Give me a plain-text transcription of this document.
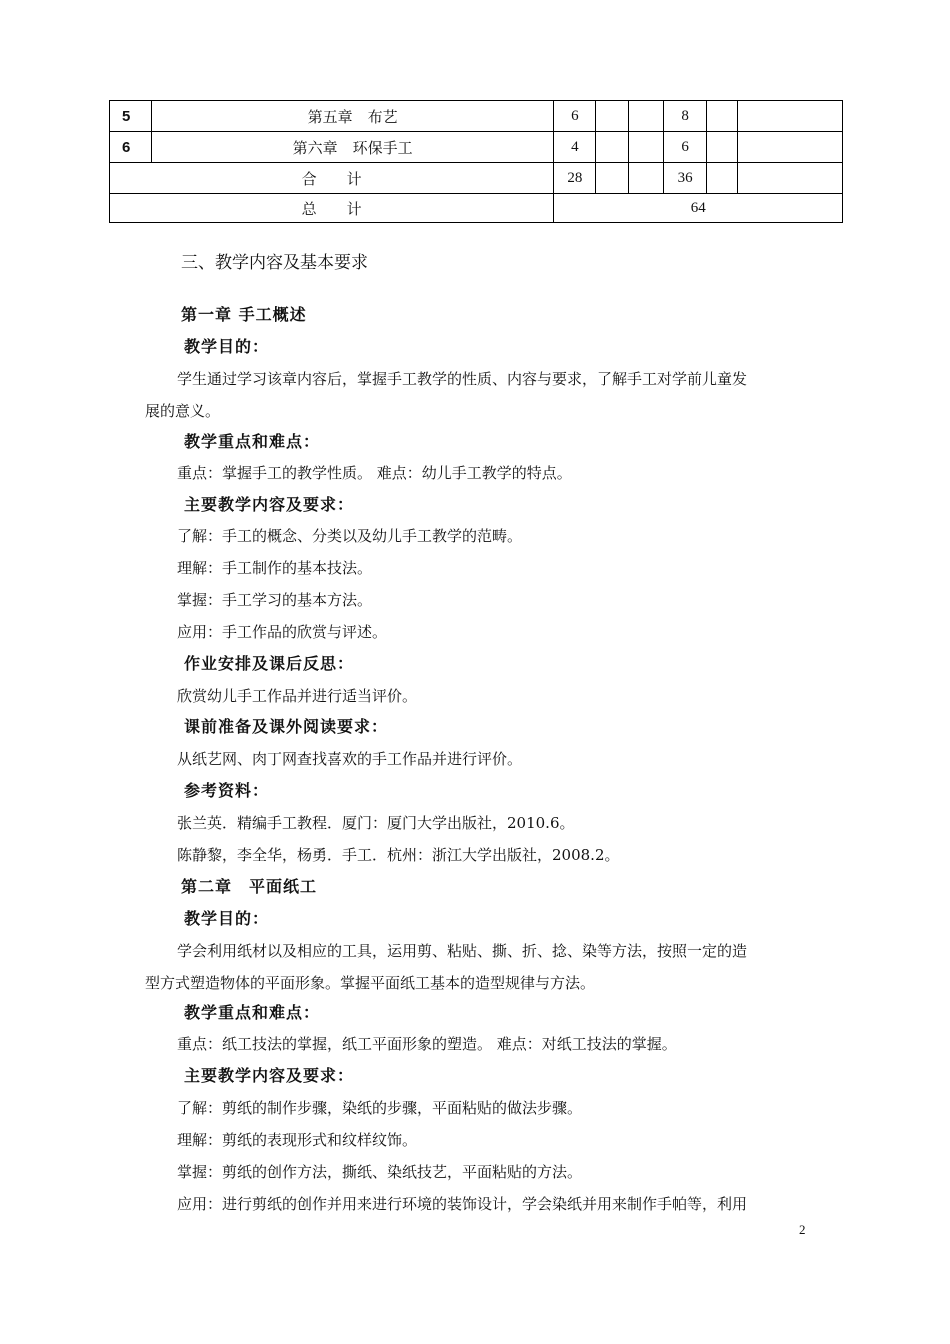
5	第五章　布艺	6			8		
6	第六章　环保手工	4			6		
合　　计		28			36		
总　　计		64					
三、教学内容及基本要求
第一章 手工概述
教学目的：
学生通过学习该章内容后，掌握手工教学的性质、内容与要求，了解手工对学前儿童发
展的意义。
教学重点和难点：
重点：掌握手工的教学性质。 难点：幼儿手工教学的特点。
主要教学内容及要求：
了解：手工的概念、分类以及幼儿手工教学的范畴。
理解：手工制作的基本技法。
掌握：手工学习的基本方法。
应用：手工作品的欣赏与评述。
作业安排及课后反思：
欣赏幼儿手工作品并进行适当评价。
课前准备及课外阅读要求：
从纸艺网、肉丁网查找喜欢的手工作品并进行评价。
参考资料：
张兰英．精编手工教程．厦门：厦门大学出版社，2010.6。
陈静黎，李全华，杨勇．手工．杭州：浙江大学出版社，2008.2。
第二章　平面纸工
教学目的：
学会利用纸材以及相应的工具，运用剪、粘贴、撕、折、捻、染等方法，按照一定的造
型方式塑造物体的平面形象。掌握平面纸工基本的造型规律与方法。
教学重点和难点：
重点：纸工技法的掌握，纸工平面形象的塑造。 难点：对纸工技法的掌握。
主要教学内容及要求：
了解：剪纸的制作步骤，染纸的步骤，平面粘贴的做法步骤。
理解：剪纸的表现形式和纹样纹饰。
掌握：剪纸的创作方法，撕纸、染纸技艺，平面粘贴的方法。
应用：进行剪纸的创作并用来进行环境的装饰设计，学会染纸并用来制作手帕等，利用
2
